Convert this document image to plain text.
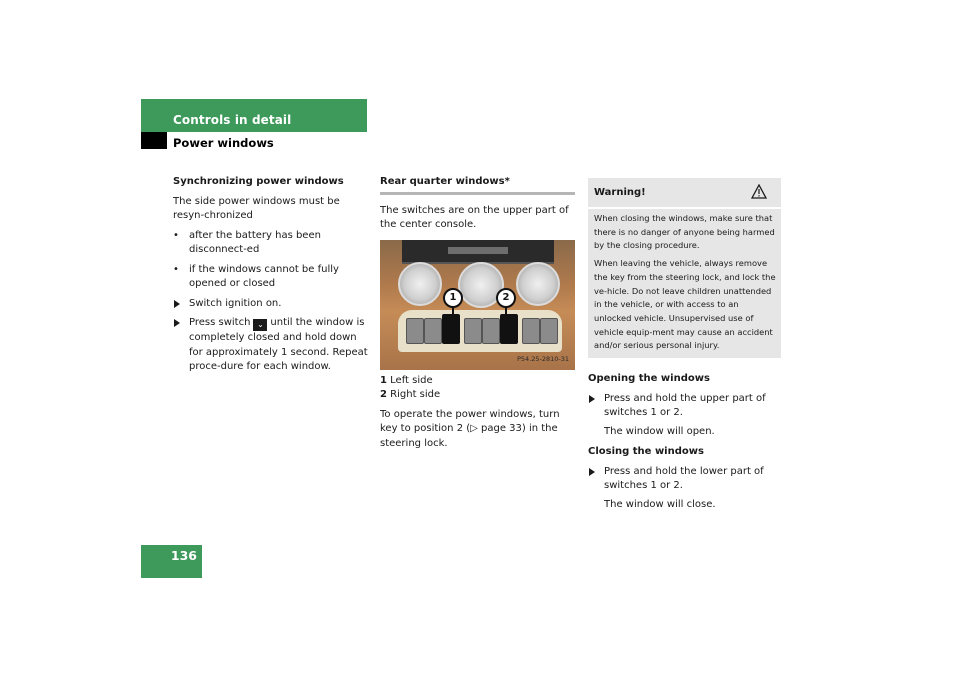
Controls in detail
Power windows

Synchronizing power windows

The side power windows must be resyn-chronized

• after the battery has been disconnect-ed

• if the windows cannot be fully opened or closed

Switch ignition on.

Press switch ⌄ until the window is completely closed and hold down for approximately 1 second. Repeat proce-dure for each window.

Rear quarter windows*

The switches are on the upper part of the center console.

1	2
P54.25-2810-31

1 Left side

2 Right side

To operate the power windows, turn key to position 2 (▷ page 33) in the steering lock.

Warning!

When closing the windows, make sure that there is no danger of anyone being harmed by the closing procedure.

When leaving the vehicle, always remove the key from the steering lock, and lock the ve-hicle. Do not leave children unattended in the vehicle, or with access to an unlocked vehicle. Unsupervised use of vehicle equip-ment may cause an accident and/or serious personal injury.

Opening the windows

Press and hold the upper part of switches 1 or 2.

The window will open.

Closing the windows

Press and hold the lower part of switches 1 or 2.

The window will close.

136
